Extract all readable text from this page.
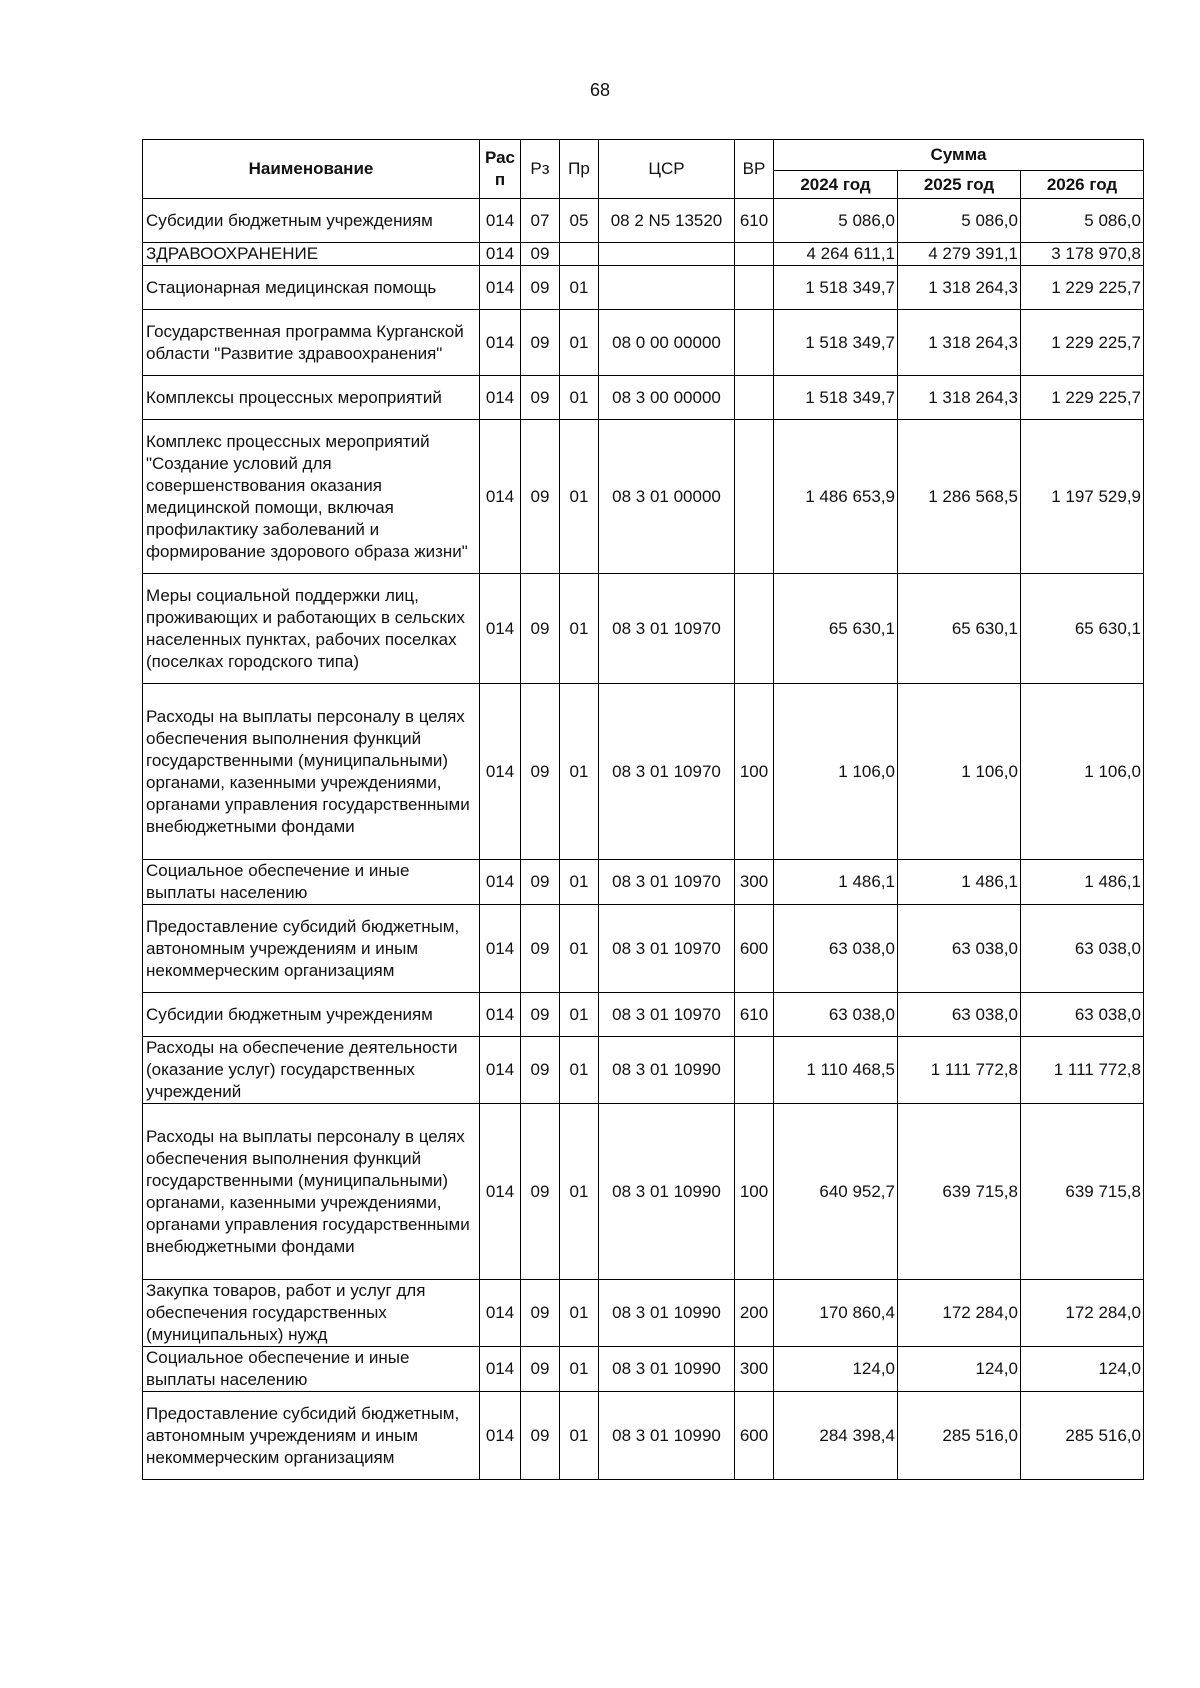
68
Наименование	Рас п	Рз	Пр	ЦСР	ВР	Сумма		
						2024 год	2025 год	2026 год
Субсидии бюджетным учреждениям	014	07	05	08 2 N5 13520	610	5 086,0	5 086,0	5 086,0
ЗДРАВООХРАНЕНИЕ	014	09				4 264 611,1	4 279 391,1	3 178 970,8
Стационарная медицинская помощь	014	09	01			1 518 349,7	1 318 264,3	1 229 225,7
Государственная программа Курганской области "Развитие здравоохранения"	014	09	01	08 0 00 00000		1 518 349,7	1 318 264,3	1 229 225,7
Комплексы процессных мероприятий	014	09	01	08 3 00 00000		1 518 349,7	1 318 264,3	1 229 225,7
Комплекс процессных мероприятий "Создание условий для совершенствования оказания медицинской помощи, включая профилактику заболеваний и формирование здорового образа жизни"	014	09	01	08 3 01 00000		1 486 653,9	1 286 568,5	1 197 529,9
Меры социальной поддержки лиц, проживающих и работающих в сельских населенных пунктах, рабочих поселках (поселках городского типа)	014	09	01	08 3 01 10970		65 630,1	65 630,1	65 630,1
Расходы на выплаты персоналу в целях обеспечения выполнения функций государственными (муниципальными) органами, казенными учреждениями, органами управления государственными внебюджетными фондами	014	09	01	08 3 01 10970	100	1 106,0	1 106,0	1 106,0
Социальное обеспечение и иные выплаты населению	014	09	01	08 3 01 10970	300	1 486,1	1 486,1	1 486,1
Предоставление субсидий бюджетным, автономным учреждениям и иным некоммерческим организациям	014	09	01	08 3 01 10970	600	63 038,0	63 038,0	63 038,0
Субсидии бюджетным учреждениям	014	09	01	08 3 01 10970	610	63 038,0	63 038,0	63 038,0
Расходы на обеспечение деятельности (оказание услуг) государственных учреждений	014	09	01	08 3 01 10990		1 110 468,5	1 111 772,8	1 111 772,8
Расходы на выплаты персоналу в целях обеспечения выполнения функций государственными (муниципальными) органами, казенными учреждениями, органами управления государственными внебюджетными фондами	014	09	01	08 3 01 10990	100	640 952,7	639 715,8	639 715,8
Закупка товаров, работ и услуг для обеспечения государственных (муниципальных) нужд	014	09	01	08 3 01 10990	200	170 860,4	172 284,0	172 284,0
Социальное обеспечение и иные выплаты населению	014	09	01	08 3 01 10990	300	124,0	124,0	124,0
Предоставление субсидий бюджетным, автономным учреждениям и иным некоммерческим организациям	014	09	01	08 3 01 10990	600	284 398,4	285 516,0	285 516,0
